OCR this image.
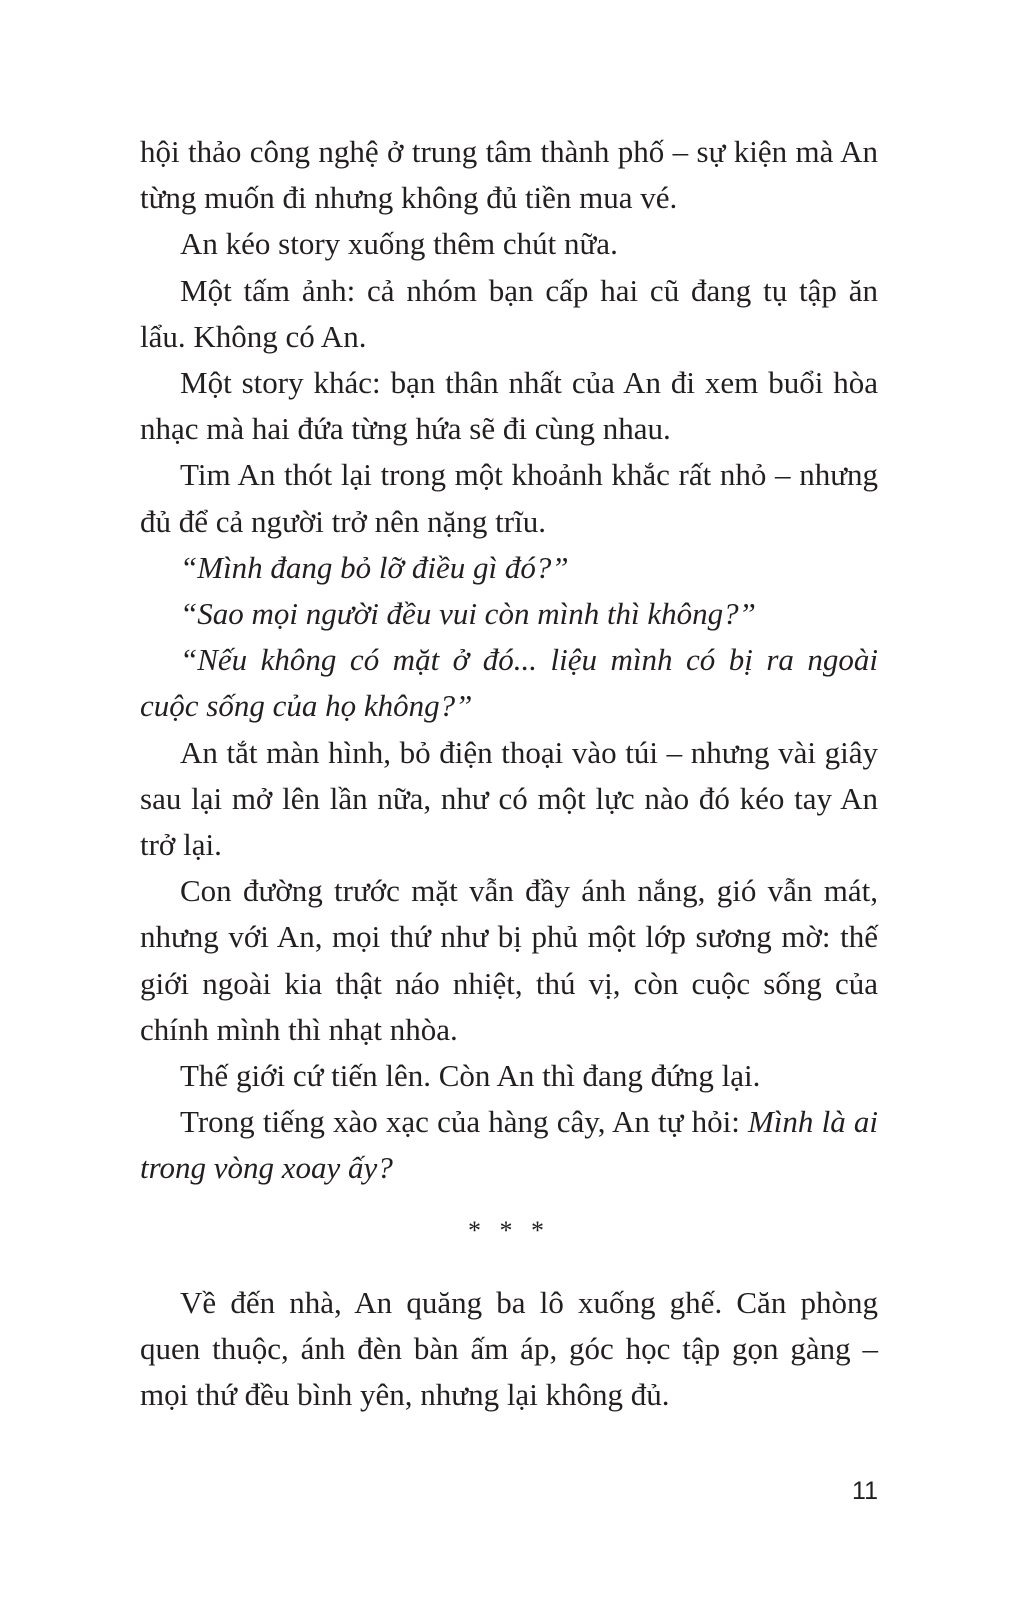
hội thảo công nghệ ở trung tâm thành phố – sự kiện mà An từng muốn đi nhưng không đủ tiền mua vé.

An kéo story xuống thêm chút nữa.

Một tấm ảnh: cả nhóm bạn cấp hai cũ đang tụ tập ăn lẩu. Không có An.

Một story khác: bạn thân nhất của An đi xem buổi hòa nhạc mà hai đứa từng hứa sẽ đi cùng nhau.

Tim An thót lại trong một khoảnh khắc rất nhỏ – nhưng đủ để cả người trở nên nặng trĩu.

“Mình đang bỏ lỡ điều gì đó?”

“Sao mọi người đều vui còn mình thì không?”

“Nếu không có mặt ở đó... liệu mình có bị ra ngoài cuộc sống của họ không?”

An tắt màn hình, bỏ điện thoại vào túi – nhưng vài giây sau lại mở lên lần nữa, như có một lực nào đó kéo tay An trở lại.

Con đường trước mặt vẫn đầy ánh nắng, gió vẫn mát, nhưng với An, mọi thứ như bị phủ một lớp sương mờ: thế giới ngoài kia thật náo nhiệt, thú vị, còn cuộc sống của chính mình thì nhạt nhòa.

Thế giới cứ tiến lên. Còn An thì đang đứng lại.

Trong tiếng xào xạc của hàng cây, An tự hỏi: Mình là ai trong vòng xoay ấy?

* * *

Về đến nhà, An quăng ba lô xuống ghế. Căn phòng quen thuộc, ánh đèn bàn ấm áp, góc học tập gọn gàng – mọi thứ đều bình yên, nhưng lại không đủ.

11
